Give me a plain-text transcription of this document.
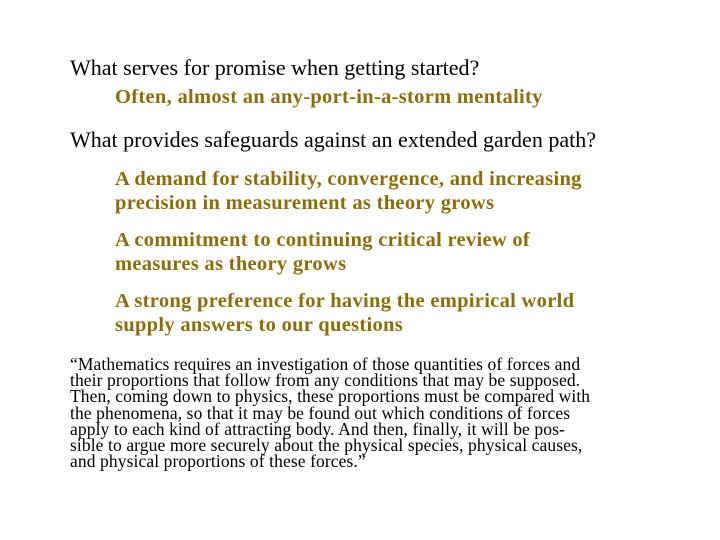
What serves for promise when getting started?
Often, almost an any-port-in-a-storm mentality
What provides safeguards against an extended garden path?
A demand for stability, convergence, and increasing
precision in measurement as theory grows
A commitment to continuing critical review of
measures as theory grows
A strong preference for having the empirical world
supply answers to our questions
“Mathematics requires an investigation of those quantities of forces and
their proportions that follow from any conditions that may be supposed.
Then, coming down to physics, these proportions must be compared with
the phenomena, so that it may be found out which conditions of forces
apply to each kind of attracting body. And then, finally, it will be pos-
sible to argue more securely about the physical species, physical causes,
and physical proportions of these forces.”
